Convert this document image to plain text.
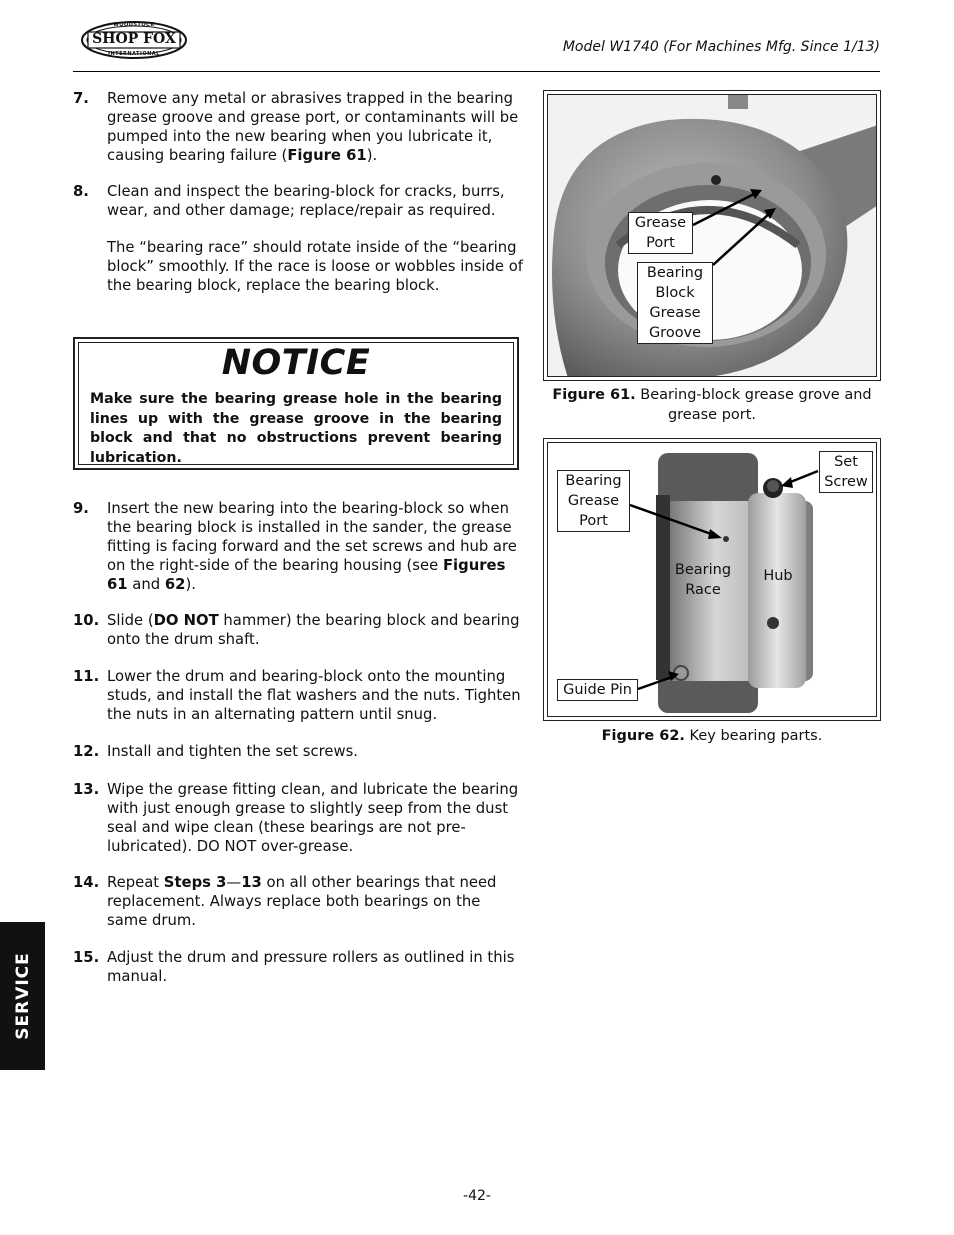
SHOP FOX
WOODSTOCK
INTERNATIONAL	Model W1740 (For Machines Mfg. Since 1/13)
7. Remove any metal or abrasives trapped in the bearing grease groove and grease port, or contaminants will be pumped into the new bearing when you lubricate it, causing bearing failure (Figure 61).
8. Clean and inspect the bearing-block for cracks, burrs, wear, and other damage; replace/repair as required.
The “bearing race” should rotate inside of the “bearing block” smoothly. If the race is loose or wobbles inside of the bearing block, replace the bearing block.
NOTICE
Make sure the bearing grease hole in the bearing lines up with the grease groove in the bearing block and that no obstructions prevent bearing lubrication.
9. Insert the new bearing into the bearing-block so when the bearing block is installed in the sander, the grease fitting is facing forward and the set screws and hub are on the right-side of the bearing housing (see Figures 61 and 62).
10. Slide (DO NOT hammer) the bearing block and bearing onto the drum shaft.
11. Lower the drum and bearing-block onto the mounting studs, and install the flat washers and the nuts. Tighten the nuts in an alternating pattern until snug.
12. Install and tighten the set screws.
13. Wipe the grease fitting clean, and lubricate the bearing with just enough grease to slightly seep from the dust seal and wipe clean (these bearings are not pre-lubricated). DO NOT over-grease.
14. Repeat Steps 3—13 on all other bearings that need replacement. Always replace both bearings on the same drum.
15. Adjust the drum and pressure rollers as outlined in this manual.
Grease Port
Bearing Block Grease Groove
Figure 61. Bearing-block grease grove and grease port.
Bearing Grease Port
Set Screw
Bearing Race
Hub
Guide Pin
Figure 62. Key bearing parts.
SERVICE
-42-
